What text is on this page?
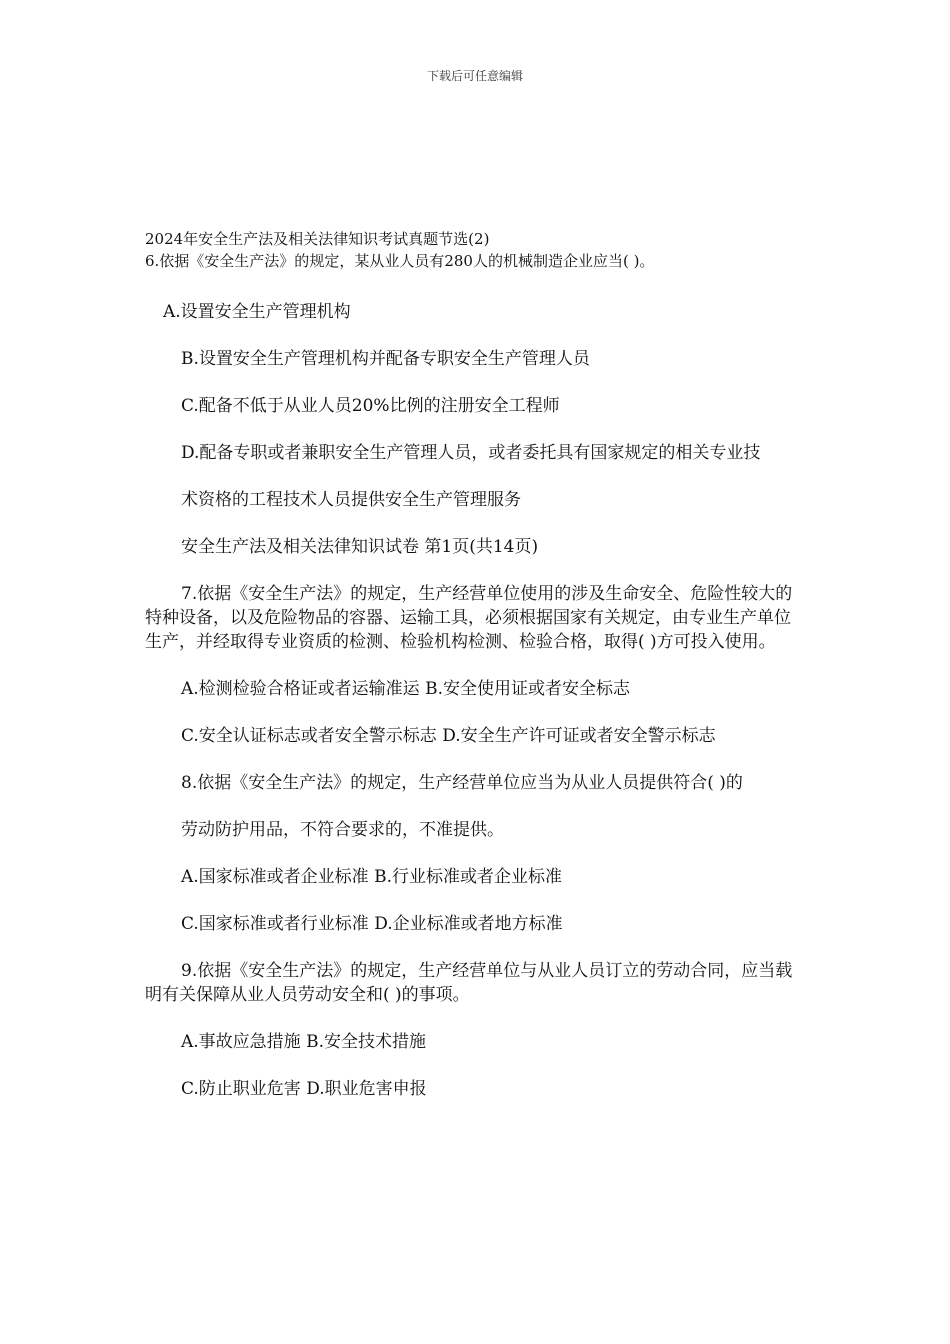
下载后可任意编辑

2024年安全生产法及相关法律知识考试真题节选(2)

6.依据《安全生产法》的规定，某从业人员有280人的机械制造企业应当( )。

A.设置安全生产管理机构

B.设置安全生产管理机构并配备专职安全生产管理人员

C.配备不低于从业人员20%比例的注册安全工程师

D.配备专职或者兼职安全生产管理人员，或者委托具有国家规定的相关专业技

术资格的工程技术人员提供安全生产管理服务

安全生产法及相关法律知识试卷 第1页(共14页)

7.依据《安全生产法》的规定，生产经营单位使用的涉及生命安全、危险性较大的特种设备，以及危险物品的容器、运输工具，必须根据国家有关规定，由专业生产单位生产，并经取得专业资质的检测、检验机构检测、检验合格，取得( )方可投入使用。

A.检测检验合格证或者运输准运 B.安全使用证或者安全标志

C.安全认证标志或者安全警示标志 D.安全生产许可证或者安全警示标志

8.依据《安全生产法》的规定，生产经营单位应当为从业人员提供符合( )的

劳动防护用品，不符合要求的，不准提供。

A.国家标准或者企业标准 B.行业标准或者企业标准

C.国家标准或者行业标准 D.企业标准或者地方标准

9.依据《安全生产法》的规定，生产经营单位与从业人员订立的劳动合同，应当载明有关保障从业人员劳动安全和( )的事项。

A.事故应急措施 B.安全技术措施

C.防止职业危害 D.职业危害申报
